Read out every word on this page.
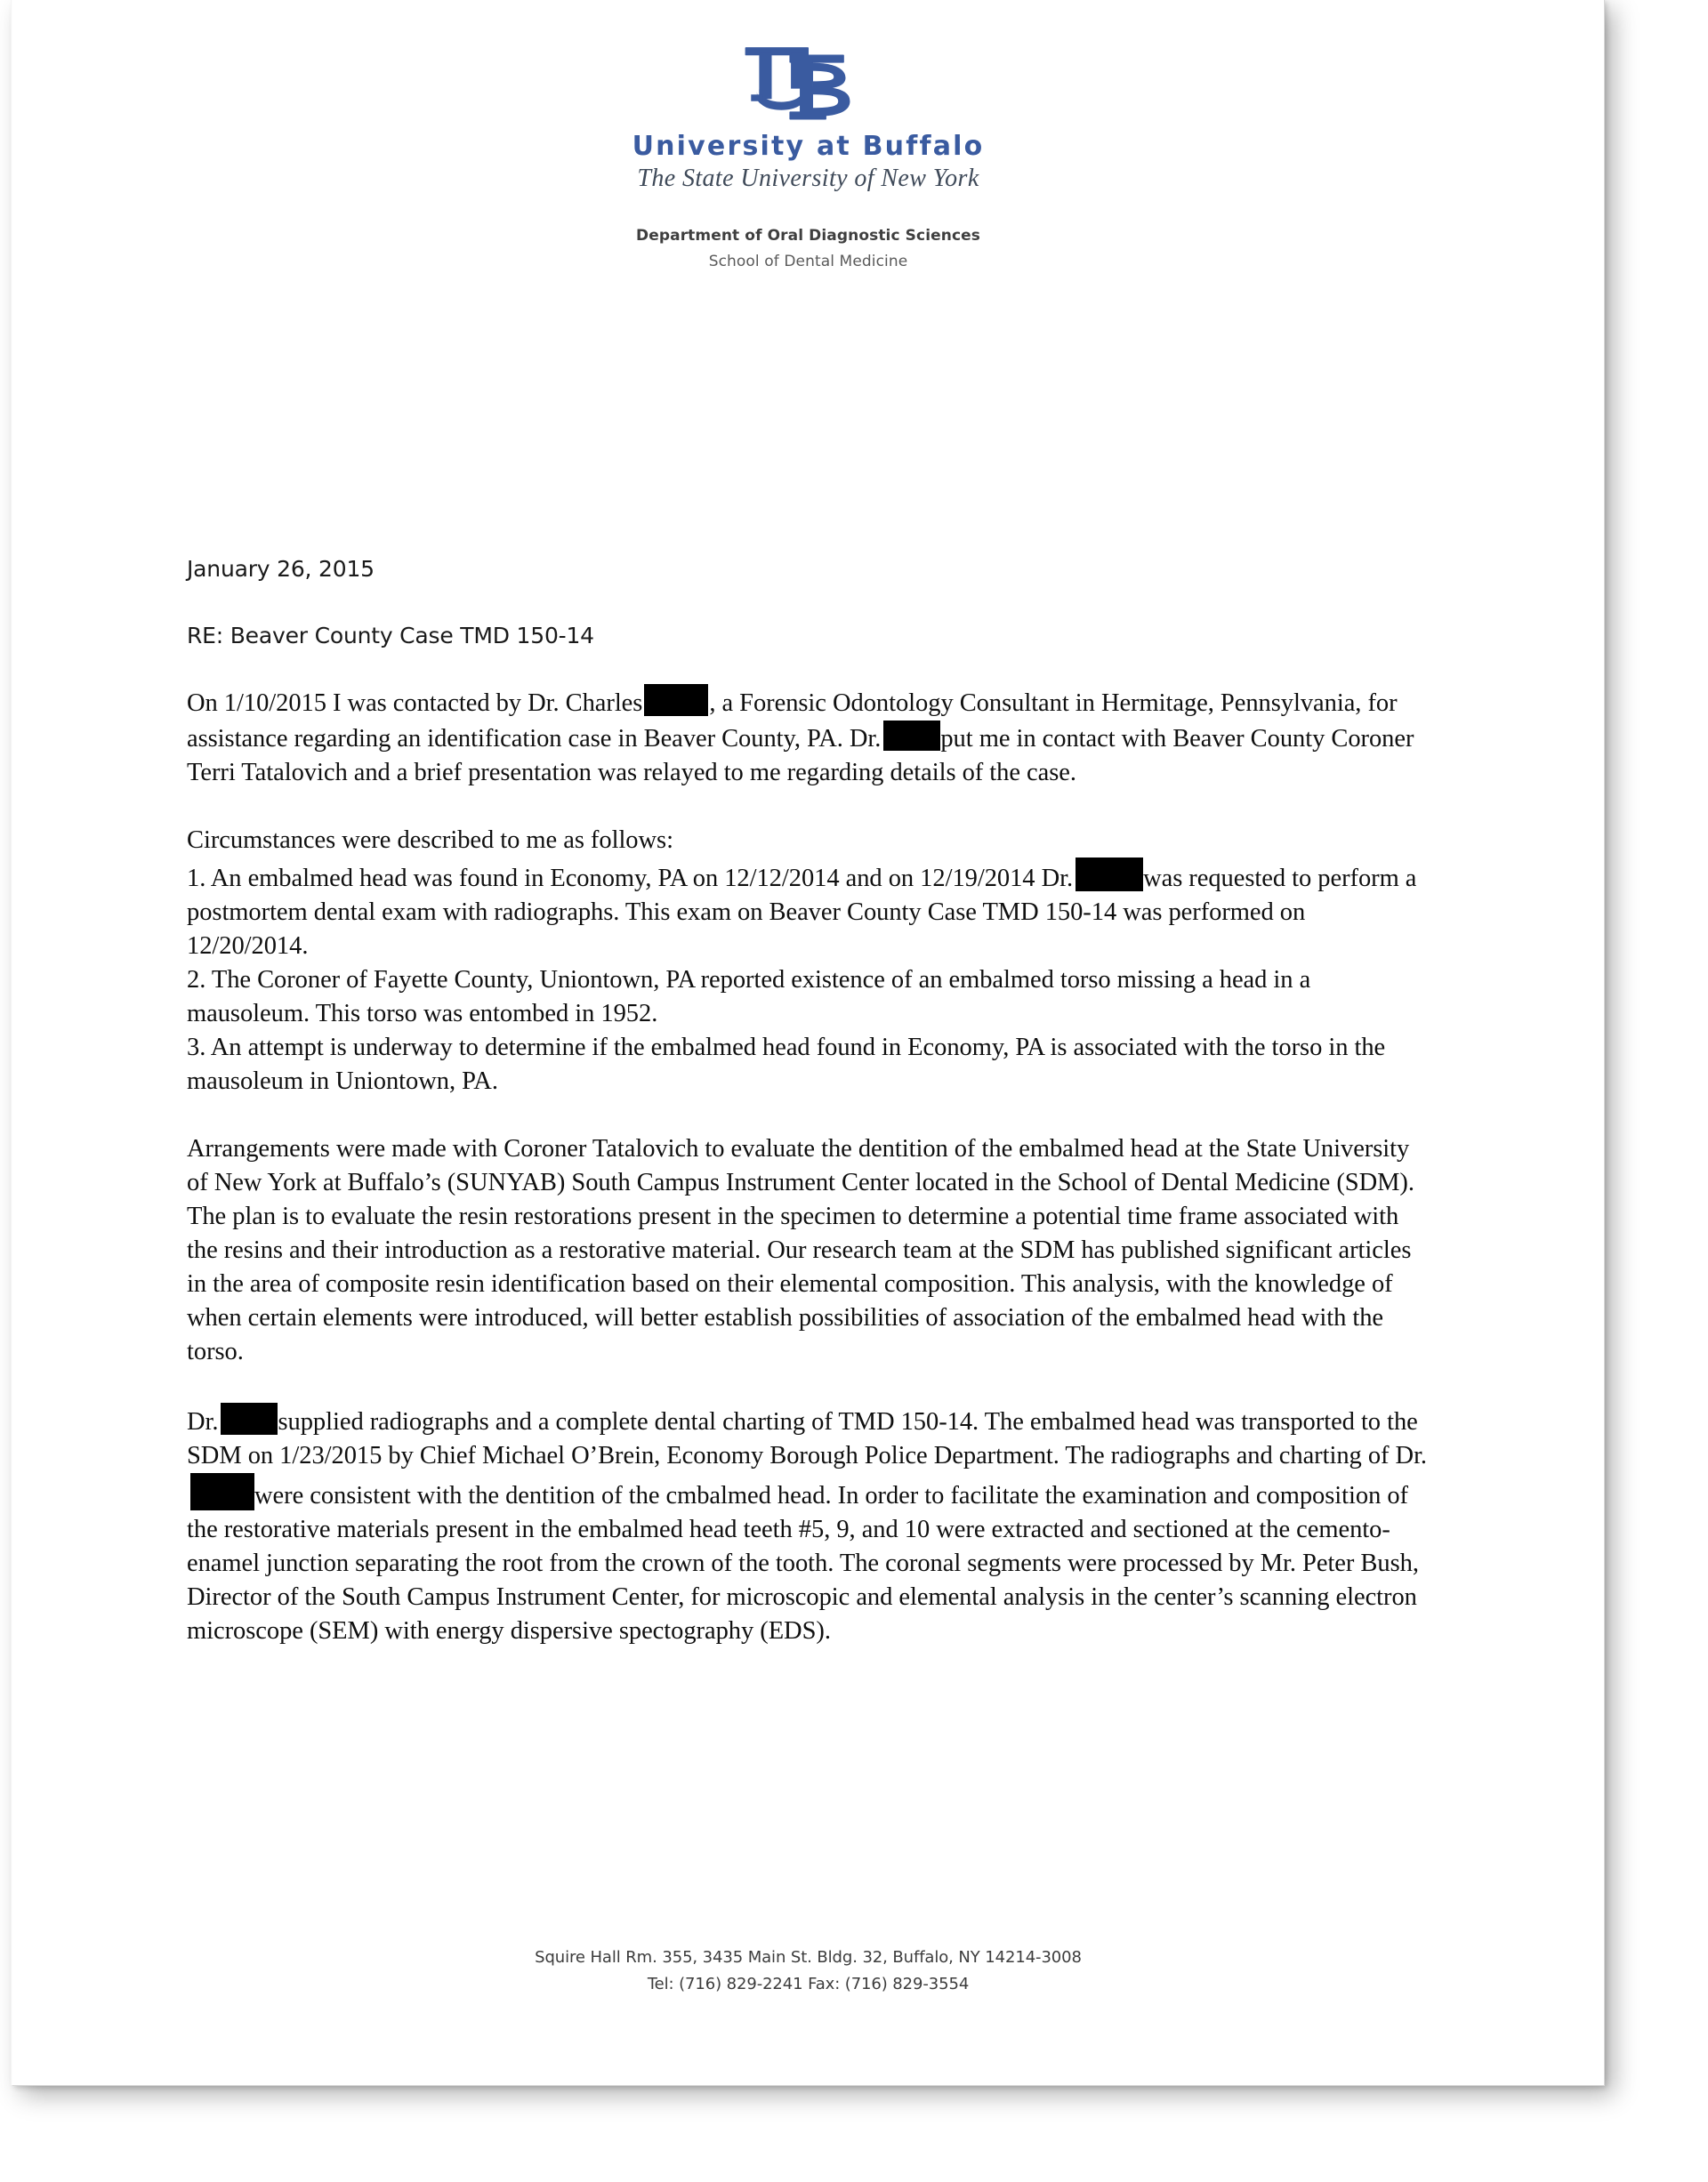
University at Buffalo
The State University of New York
Department of Oral Diagnostic Sciences
School of Dental Medicine
January 26, 2015
RE: Beaver County Case TMD 150-14

On 1/10/2015 I was contacted by Dr. Charles	, a Forensic Odontology Consultant in Hermitage, Pennsylvania, for assistance regarding an identification case in Beaver County, PA. Dr. put me in contact with Beaver County Coroner Terri Tatalovich and a brief presentation was relayed to me regarding details of the case.

Circumstances were described to me as follows:
1. An embalmed head was found in Economy, PA on 12/12/2014 and on 12/19/2014 Dr.	was requested to perform a postmortem dental exam with radiographs. This exam on Beaver County Case TMD 150-14 was performed on 12/20/2014.
2. The Coroner of Fayette County, Uniontown, PA reported existence of an embalmed torso missing a head in a mausoleum. This torso was entombed in 1952.
3. An attempt is underway to determine if the embalmed head found in Economy, PA is associated with the torso in the mausoleum in Uniontown, PA.

Arrangements were made with Coroner Tatalovich to evaluate the dentition of the embalmed head at the State University of New York at Buffalo’s (SUNYAB) South Campus Instrument Center located in the School of Dental Medicine (SDM). The plan is to evaluate the resin restorations present in the specimen to determine a potential time frame associated with the resins and their introduction as a restorative material. Our research team at the SDM has published significant articles in the area of composite resin identification based on their elemental composition. This analysis, with the knowledge of when certain elements were introduced, will better establish possibilities of association of the embalmed head with the torso.

Dr. supplied radiographs and a complete dental charting of TMD 150-14. The embalmed head was transported to the SDM on 1/23/2015 by Chief Michael O’Brein, Economy Borough Police Department. The radiographs and charting of Dr.were consistent with the dentition of the cmbalmed head. In order to facilitate the examination and composition of the restorative materials present in the embalmed head teeth #5, 9, and 10 were extracted and sectioned at the cemento-enamel junction separating the root from the crown of the tooth. The coronal segments were processed by Mr. Peter Bush, Director of the South Campus Instrument Center, for microscopic and elemental analysis in the center’s scanning electron microscope (SEM) with energy dispersive spectography (EDS).

Squire Hall Rm. 355, 3435 Main St. Bldg. 32, Buffalo, NY 14214-3008
Tel: (716) 829-2241 Fax: (716) 829-3554
